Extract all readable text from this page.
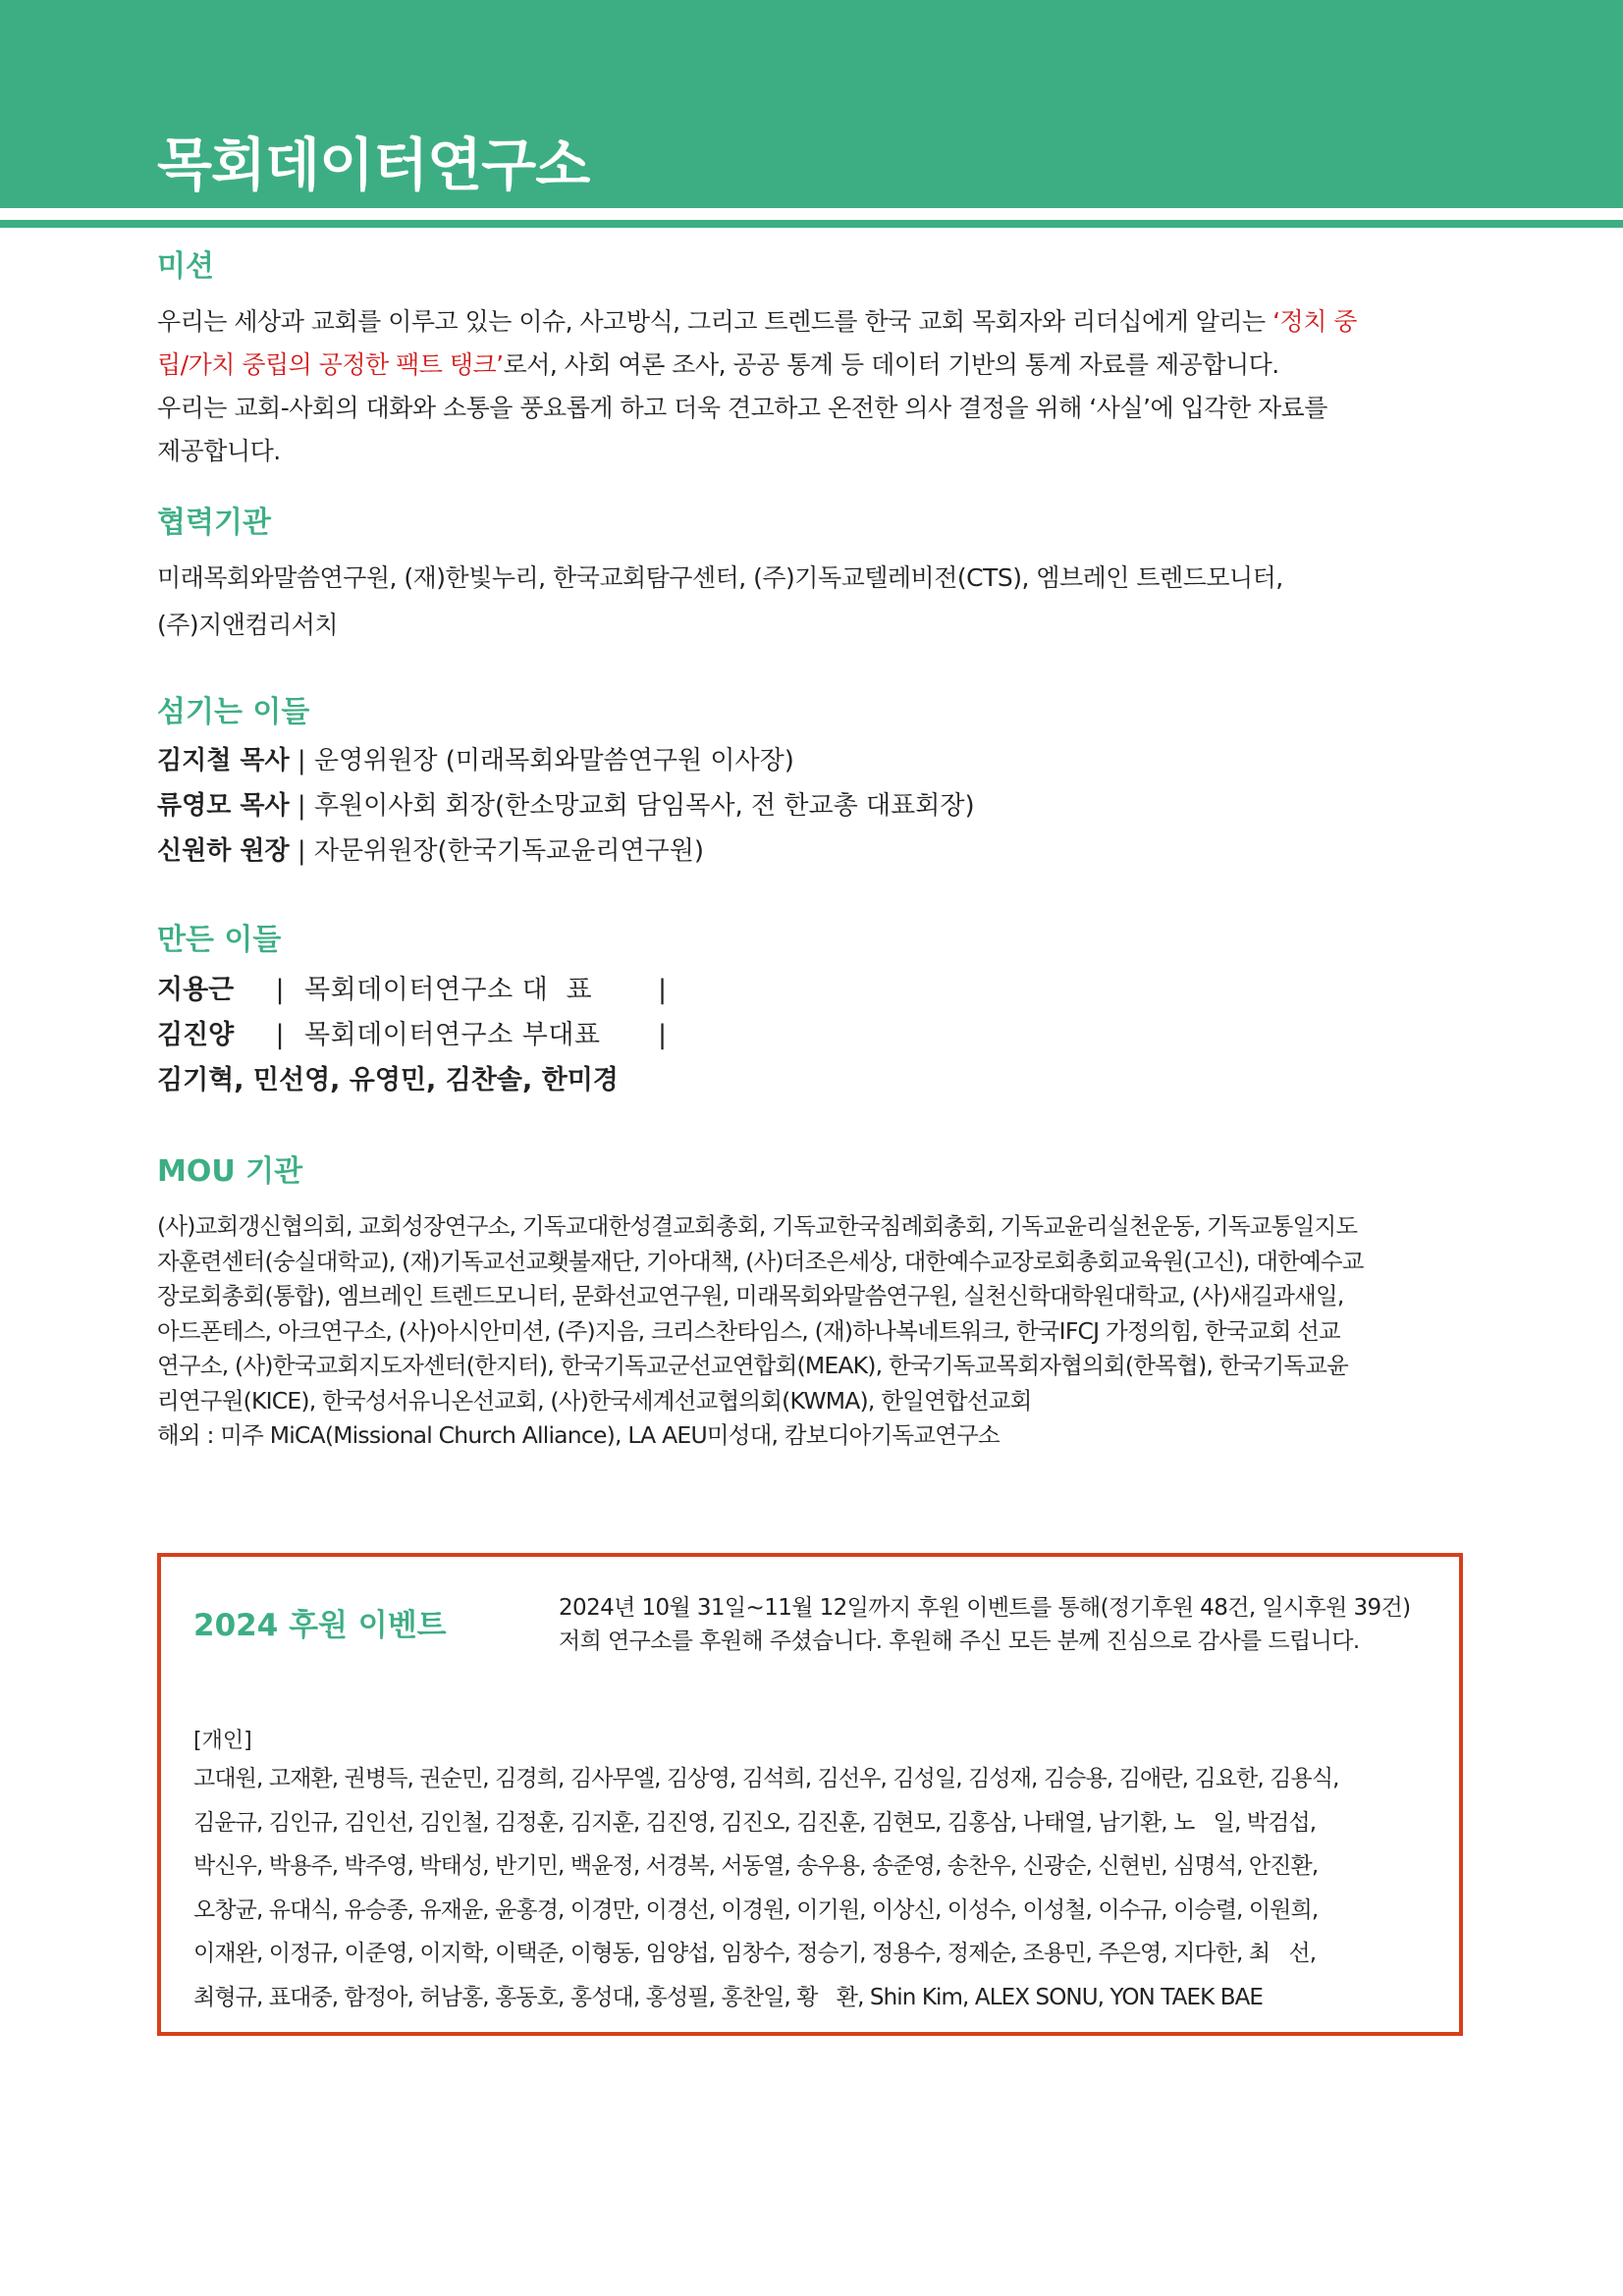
목회데이터연구소
미션

우리는 세상과 교회를 이루고 있는 이슈, 사고방식, 그리고 트렌드를 한국 교회 목회자와 리더십에게 알리는 ‘정치 중

립/가치 중립의 공정한 팩트 탱크’로서, 사회 여론 조사, 공공 통계 등 데이터 기반의 통계 자료를 제공합니다.

우리는 교회-사회의 대화와 소통을 풍요롭게 하고 더욱 견고하고 온전한 의사 결정을 위해 ‘사실’에 입각한 자료를

제공합니다.

협력기관

미래목회와말씀연구원, (재)한빛누리, 한국교회탐구센터, (주)기독교텔레비전(CTS), 엠브레인 트렌드모니터,

(주)지앤컴리서치

섬기는 이들

김지철 목사 | 운영위원장 (미래목회와말씀연구원 이사장)

류영모 목사 | 후원이사회 회장(한소망교회 담임목사, 전 한교총 대표회장)

신원하 원장 | 자문위원장(한국기독교윤리연구원)

만든 이들
지용근	| 목회데이터연구소 대  표	|
김진양	| 목회데이터연구소 부대표	|

김기혁, 민선영, 유영민, 김찬솔, 한미경

MOU 기관

(사)교회갱신협의회, 교회성장연구소, 기독교대한성결교회총회, 기독교한국침례회총회, 기독교윤리실천운동, 기독교통일지도

자훈련센터(숭실대학교), (재)기독교선교횃불재단, 기아대책, (사)더조은세상, 대한예수교장로회총회교육원(고신), 대한예수교

장로회총회(통합), 엠브레인 트렌드모니터, 문화선교연구원, 미래목회와말씀연구원, 실천신학대학원대학교, (사)새길과새일,

아드폰테스, 아크연구소, (사)아시안미션, (주)지음, 크리스찬타임스, (재)하나복네트워크, 한국IFCJ 가정의힘, 한국교회 선교

연구소, (사)한국교회지도자센터(한지터), 한국기독교군선교연합회(MEAK), 한국기독교목회자협의회(한목협), 한국기독교윤

리연구원(KICE), 한국성서유니온선교회, (사)한국세계선교협의회(KWMA), 한일연합선교회

해외 : 미주 MiCA(Missional Church Alliance), LA AEU미성대, 캄보디아기독교연구소

2024 후원 이벤트	2024년 10월 31일~11월 12일까지 후원 이벤트를 통해(정기후원 48건, 일시후원 39건)

저희 연구소를 후원해 주셨습니다. 후원해 주신 모든 분께 진심으로 감사를 드립니다.

[개인]

고대원, 고재환, 권병득, 권순민, 김경희, 김사무엘, 김상영, 김석희, 김선우, 김성일, 김성재, 김승용, 김애란, 김요한, 김용식,

김윤규, 김인규, 김인선, 김인철, 김정훈, 김지훈, 김진영, 김진오, 김진훈, 김현모, 김홍삼, 나태열, 남기환, 노   일, 박검섭,

박신우, 박용주, 박주영, 박태성, 반기민, 백윤정, 서경복, 서동열, 송우용, 송준영, 송찬우, 신광순, 신현빈, 심명석, 안진환,

오창균, 유대식, 유승종, 유재윤, 윤홍경, 이경만, 이경선, 이경원, 이기원, 이상신, 이성수, 이성철, 이수규, 이승렬, 이원희,

이재완, 이정규, 이준영, 이지학, 이택준, 이형동, 임양섭, 임창수, 정승기, 정용수, 정제순, 조용민, 주은영, 지다한, 최   선,

최형규, 표대중, 함정아, 허남홍, 홍동호, 홍성대, 홍성필, 홍찬일, 황   환, Shin Kim, ALEX SONU, YON TAEK BAE
